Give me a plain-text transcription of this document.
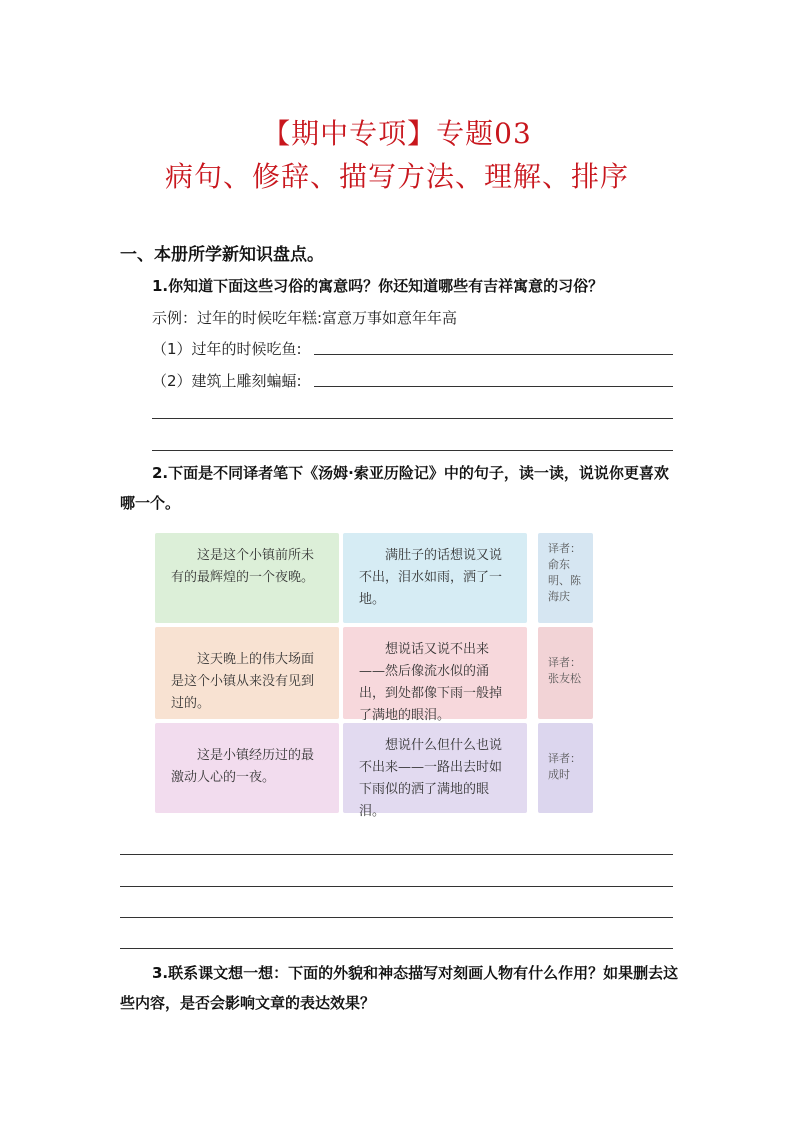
【期中专项】专题03
病句、修辞、描写方法、理解、排序
一、本册所学新知识盘点。
1.你知道下面这些习俗的寓意吗？你还知道哪些有吉祥寓意的习俗？
示例：过年的时候吃年糕:富意万事如意年年高
（1）过年的时候吃鱼:
（2）建筑上雕刻蝙蝠:
2.下面是不同译者笔下《汤姆·索亚历险记》中的句子，读一读，说说你更喜欢哪一个。

这是这个小镇前所未有的最辉煌的一个夜晚。

满肚子的话想说又说不出，泪水如雨，洒了一地。

译者：
俞东明、陈海庆

这天晚上的伟大场面是这个小镇从来没有见到过的。

想说话又说不出来——然后像流水似的涌出，到处都像下雨一般掉了满地的眼泪。

译者：
张友松

这是小镇经历过的最激动人心的一夜。

想说什么但什么也说不出来——一路出去时如下雨似的洒了满地的眼泪。

译者：
成时
3.联系课文想一想：下面的外貌和神态描写对刻画人物有什么作用？如果删去这些内容，是否会影响文章的表达效果？
